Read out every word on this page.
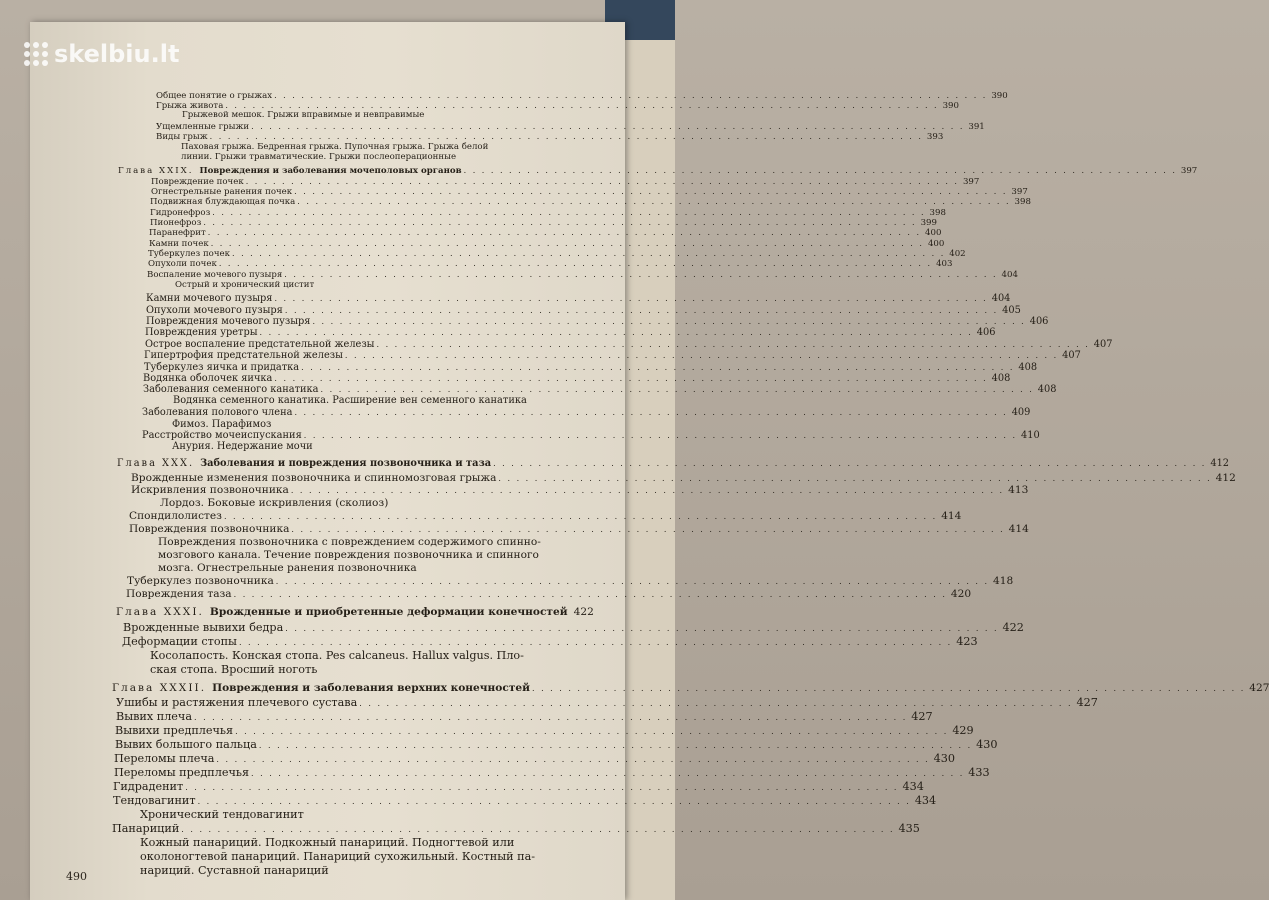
Общее понятие о грыжах . . . . . . . . . . . . . . . . . . . . . . . . . . . . . . . . . . . . . . . . . . . . . . . . . . . . . . . . . . . . . . . . . . . . . . . . . . . . . . . 390
Грыжа живота . . . . . . . . . . . . . . . . . . . . . . . . . . . . . . . . . . . . . . . . . . . . . . . . . . . . . . . . . . . . . . . . . . . . . . . . . . . . . . . 390
Грыжевой мешок. Грыжи вправимые и невправимые
Ущемленные грыжи . . . . . . . . . . . . . . . . . . . . . . . . . . . . . . . . . . . . . . . . . . . . . . . . . . . . . . . . . . . . . . . . . . . . . . . . . . . . . . . 391
Виды грыж . . . . . . . . . . . . . . . . . . . . . . . . . . . . . . . . . . . . . . . . . . . . . . . . . . . . . . . . . . . . . . . . . . . . . . . . . . . . . . . 393
Паховая грыжа. Бедренная грыжа. Пупочная грыжа. Грыжа белой
линии. Грыжи травматические. Грыжи послеоперационные
Глава XXIX. Повреждения и заболевания мочеполовых органов . . . . . . . . . . . . . . . . . . . . . . . . . . . . . . . . . . . . . . . . . . . . . . . . . . . . . . . . . . . . . . . . . . . . . . . . . . . . . . . 397
Повреждение почек . . . . . . . . . . . . . . . . . . . . . . . . . . . . . . . . . . . . . . . . . . . . . . . . . . . . . . . . . . . . . . . . . . . . . . . . . . . . . . . 397
Огнестрельные ранения почек . . . . . . . . . . . . . . . . . . . . . . . . . . . . . . . . . . . . . . . . . . . . . . . . . . . . . . . . . . . . . . . . . . . . . . . . . . . . . . . 397
Подвижная блуждающая почка . . . . . . . . . . . . . . . . . . . . . . . . . . . . . . . . . . . . . . . . . . . . . . . . . . . . . . . . . . . . . . . . . . . . . . . . . . . . . . . 398
Гидронефроз . . . . . . . . . . . . . . . . . . . . . . . . . . . . . . . . . . . . . . . . . . . . . . . . . . . . . . . . . . . . . . . . . . . . . . . . . . . . . . . 398
Пионефроз . . . . . . . . . . . . . . . . . . . . . . . . . . . . . . . . . . . . . . . . . . . . . . . . . . . . . . . . . . . . . . . . . . . . . . . . . . . . . . . 399
Паранефрит . . . . . . . . . . . . . . . . . . . . . . . . . . . . . . . . . . . . . . . . . . . . . . . . . . . . . . . . . . . . . . . . . . . . . . . . . . . . . . . 400
Камни почек . . . . . . . . . . . . . . . . . . . . . . . . . . . . . . . . . . . . . . . . . . . . . . . . . . . . . . . . . . . . . . . . . . . . . . . . . . . . . . . 400
Туберкулез почек . . . . . . . . . . . . . . . . . . . . . . . . . . . . . . . . . . . . . . . . . . . . . . . . . . . . . . . . . . . . . . . . . . . . . . . . . . . . . . . 402
Опухоли почек . . . . . . . . . . . . . . . . . . . . . . . . . . . . . . . . . . . . . . . . . . . . . . . . . . . . . . . . . . . . . . . . . . . . . . . . . . . . . . . 403
Воспаление мочевого пузыря . . . . . . . . . . . . . . . . . . . . . . . . . . . . . . . . . . . . . . . . . . . . . . . . . . . . . . . . . . . . . . . . . . . . . . . . . . . . . . . 404
Острый и хронический цистит
Камни мочевого пузыря . . . . . . . . . . . . . . . . . . . . . . . . . . . . . . . . . . . . . . . . . . . . . . . . . . . . . . . . . . . . . . . . . . . . . . . . . . . . . . . 404
Опухоли мочевого пузыря . . . . . . . . . . . . . . . . . . . . . . . . . . . . . . . . . . . . . . . . . . . . . . . . . . . . . . . . . . . . . . . . . . . . . . . . . . . . . . . 405
Повреждения мочевого пузыря . . . . . . . . . . . . . . . . . . . . . . . . . . . . . . . . . . . . . . . . . . . . . . . . . . . . . . . . . . . . . . . . . . . . . . . . . . . . . . . 406
Повреждения уретры . . . . . . . . . . . . . . . . . . . . . . . . . . . . . . . . . . . . . . . . . . . . . . . . . . . . . . . . . . . . . . . . . . . . . . . . . . . . . . . 406
Острое воспаление предстательной железы . . . . . . . . . . . . . . . . . . . . . . . . . . . . . . . . . . . . . . . . . . . . . . . . . . . . . . . . . . . . . . . . . . . . . . . . . . . . . . . 407
Гипертрофия предстательной железы . . . . . . . . . . . . . . . . . . . . . . . . . . . . . . . . . . . . . . . . . . . . . . . . . . . . . . . . . . . . . . . . . . . . . . . . . . . . . . . 407
Туберкулез яичка и придатка . . . . . . . . . . . . . . . . . . . . . . . . . . . . . . . . . . . . . . . . . . . . . . . . . . . . . . . . . . . . . . . . . . . . . . . . . . . . . . . 408
Водянка оболочек яичка . . . . . . . . . . . . . . . . . . . . . . . . . . . . . . . . . . . . . . . . . . . . . . . . . . . . . . . . . . . . . . . . . . . . . . . . . . . . . . . 408
Заболевания семенного канатика . . . . . . . . . . . . . . . . . . . . . . . . . . . . . . . . . . . . . . . . . . . . . . . . . . . . . . . . . . . . . . . . . . . . . . . . . . . . . . . 408
Водянка семенного канатика. Расширение вен семенного канатика
Заболевания полового члена . . . . . . . . . . . . . . . . . . . . . . . . . . . . . . . . . . . . . . . . . . . . . . . . . . . . . . . . . . . . . . . . . . . . . . . . . . . . . . . 409
Фимоз. Парафимоз
Расстройство мочеиспускания . . . . . . . . . . . . . . . . . . . . . . . . . . . . . . . . . . . . . . . . . . . . . . . . . . . . . . . . . . . . . . . . . . . . . . . . . . . . . . . 410
Анурия. Недержание мочи
Глава XXX. Заболевания и повреждения позвоночника и таза . . . . . . . . . . . . . . . . . . . . . . . . . . . . . . . . . . . . . . . . . . . . . . . . . . . . . . . . . . . . . . . . . . . . . . . . . . . . . . . 412
Врожденные изменения позвоночника и спинномозговая грыжа . . . . . . . . . . . . . . . . . . . . . . . . . . . . . . . . . . . . . . . . . . . . . . . . . . . . . . . . . . . . . . . . . . . . . . . . . . . . . . . 412
Искривления позвоночника . . . . . . . . . . . . . . . . . . . . . . . . . . . . . . . . . . . . . . . . . . . . . . . . . . . . . . . . . . . . . . . . . . . . . . . . . . . . . . . 413
Лордоз. Боковые искривления (сколиоз)
Спондилолистез . . . . . . . . . . . . . . . . . . . . . . . . . . . . . . . . . . . . . . . . . . . . . . . . . . . . . . . . . . . . . . . . . . . . . . . . . . . . . . . 414
Повреждения позвоночника . . . . . . . . . . . . . . . . . . . . . . . . . . . . . . . . . . . . . . . . . . . . . . . . . . . . . . . . . . . . . . . . . . . . . . . . . . . . . . . 414
Повреждения позвоночника с повреждением содержимого спинно-
мозгового канала. Течение повреждения позвоночника и спинного
мозга. Огнестрельные ранения позвоночника
Туберкулез позвоночника . . . . . . . . . . . . . . . . . . . . . . . . . . . . . . . . . . . . . . . . . . . . . . . . . . . . . . . . . . . . . . . . . . . . . . . . . . . . . . . 418
Повреждения таза . . . . . . . . . . . . . . . . . . . . . . . . . . . . . . . . . . . . . . . . . . . . . . . . . . . . . . . . . . . . . . . . . . . . . . . . . . . . . . . 420
Глава XXXI. Врожденные и приобретенные деформации конечностей 422
Врожденные вывихи бедра . . . . . . . . . . . . . . . . . . . . . . . . . . . . . . . . . . . . . . . . . . . . . . . . . . . . . . . . . . . . . . . . . . . . . . . . . . . . . . . 422
Деформации стопы . . . . . . . . . . . . . . . . . . . . . . . . . . . . . . . . . . . . . . . . . . . . . . . . . . . . . . . . . . . . . . . . . . . . . . . . . . . . . . . 423
Косолапость. Конская стопа. Pes calcaneus. Hallux valgus. Пло-
ская стопа. Вросший ноготь
Глава XXXII. Повреждения и заболевания верхних конечностей . . . . . . . . . . . . . . . . . . . . . . . . . . . . . . . . . . . . . . . . . . . . . . . . . . . . . . . . . . . . . . . . . . . . . . . . . . . . . . . 427
Ушибы и растяжения плечевого сустава . . . . . . . . . . . . . . . . . . . . . . . . . . . . . . . . . . . . . . . . . . . . . . . . . . . . . . . . . . . . . . . . . . . . . . . . . . . . . . . 427
Вывих плеча . . . . . . . . . . . . . . . . . . . . . . . . . . . . . . . . . . . . . . . . . . . . . . . . . . . . . . . . . . . . . . . . . . . . . . . . . . . . . . . 427
Вывихи предплечья . . . . . . . . . . . . . . . . . . . . . . . . . . . . . . . . . . . . . . . . . . . . . . . . . . . . . . . . . . . . . . . . . . . . . . . . . . . . . . . 429
Вывих большого пальца . . . . . . . . . . . . . . . . . . . . . . . . . . . . . . . . . . . . . . . . . . . . . . . . . . . . . . . . . . . . . . . . . . . . . . . . . . . . . . . 430
Переломы плеча . . . . . . . . . . . . . . . . . . . . . . . . . . . . . . . . . . . . . . . . . . . . . . . . . . . . . . . . . . . . . . . . . . . . . . . . . . . . . . . 430
Переломы предплечья . . . . . . . . . . . . . . . . . . . . . . . . . . . . . . . . . . . . . . . . . . . . . . . . . . . . . . . . . . . . . . . . . . . . . . . . . . . . . . . 433
Гидраденит . . . . . . . . . . . . . . . . . . . . . . . . . . . . . . . . . . . . . . . . . . . . . . . . . . . . . . . . . . . . . . . . . . . . . . . . . . . . . . . 434
Тендовагинит . . . . . . . . . . . . . . . . . . . . . . . . . . . . . . . . . . . . . . . . . . . . . . . . . . . . . . . . . . . . . . . . . . . . . . . . . . . . . . . 434
Хронический тендовагинит
Панариций . . . . . . . . . . . . . . . . . . . . . . . . . . . . . . . . . . . . . . . . . . . . . . . . . . . . . . . . . . . . . . . . . . . . . . . . . . . . . . . 435
Кожный панариций. Подкожный панариций. Подногтевой или
околоногтевой панариций. Панариций сухожильный. Костный па-
нариций. Суставной панариций
490
skelbiu.lt
